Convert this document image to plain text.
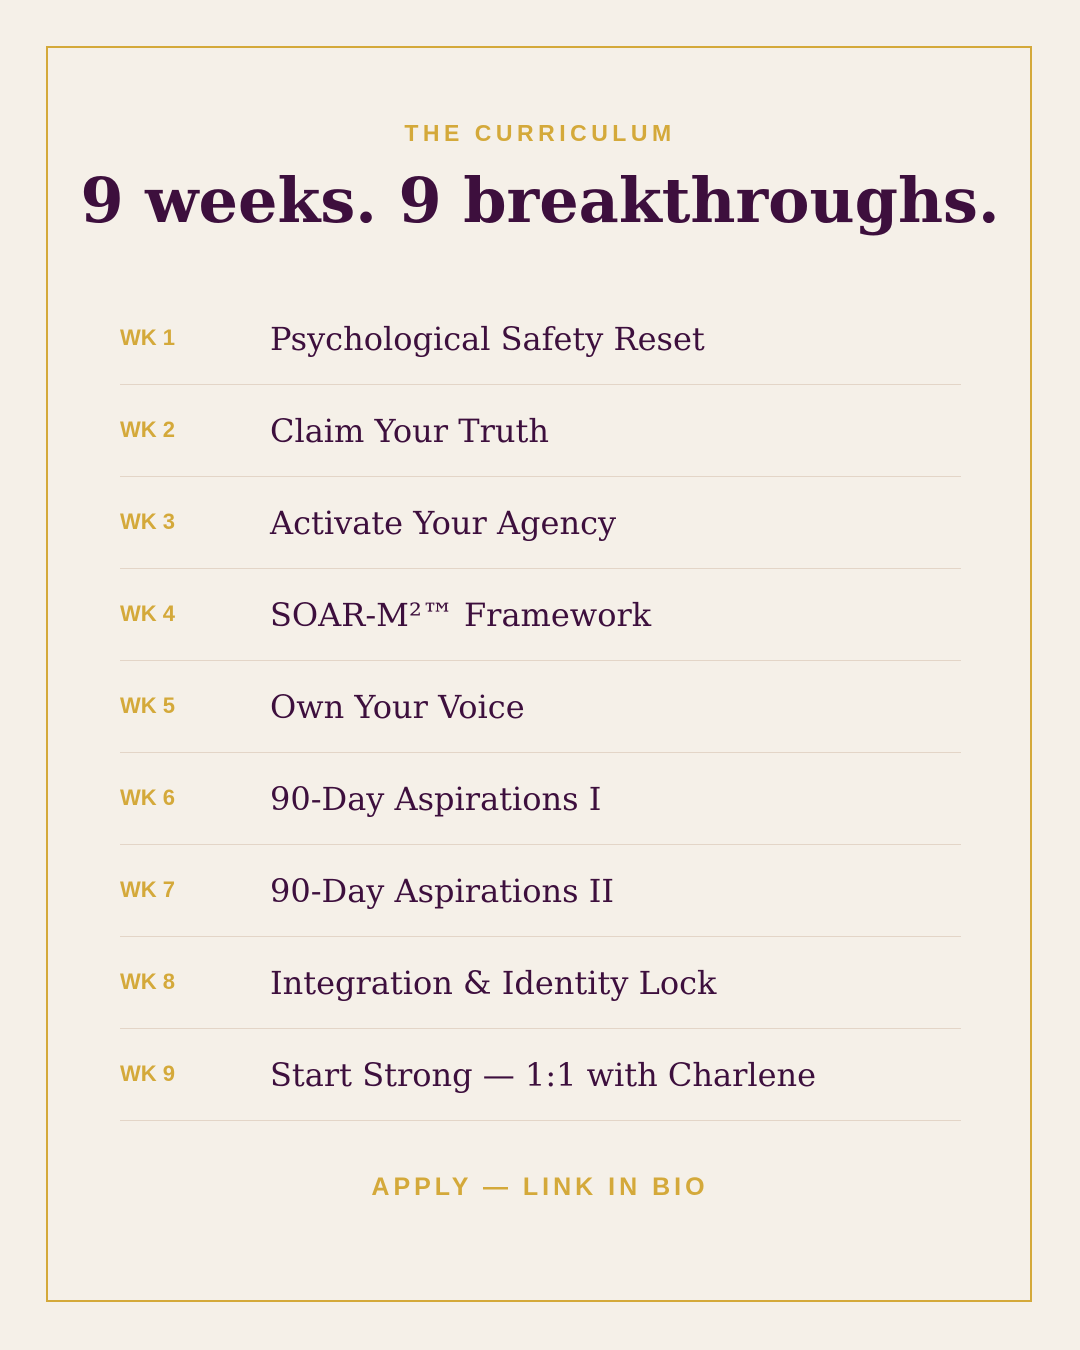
THE CURRICULUM
9 weeks. 9 breakthroughs.
WK 1	Psychological Safety Reset
WK 2	Claim Your Truth
WK 3	Activate Your Agency
WK 4	SOAR-M²™ Framework
WK 5	Own Your Voice
WK 6	90-Day Aspirations I
WK 7	90-Day Aspirations II
WK 8	Integration & Identity Lock
WK 9	Start Strong — 1:1 with Charlene
APPLY — LINK IN BIO
